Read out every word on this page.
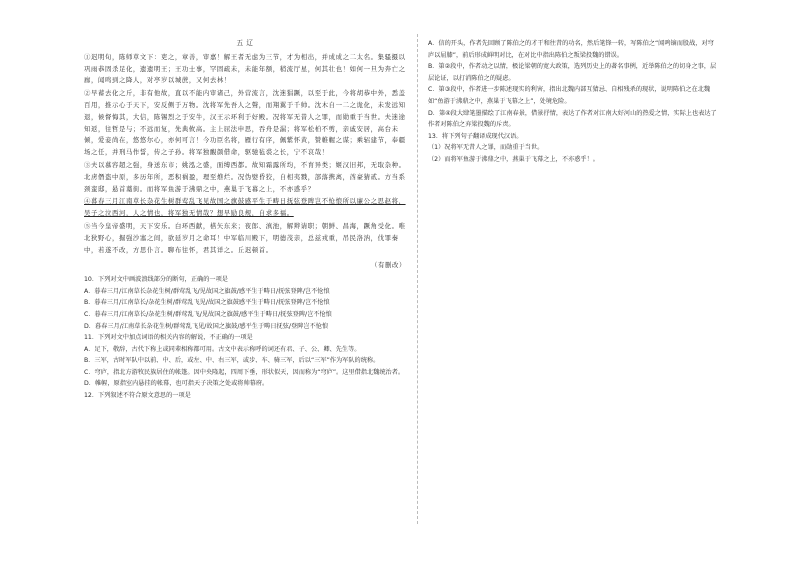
五 辽

①迟明旬，陈师草文下：吏之，章善，审嘉！解王者无虑为三节，才为相出，并成成之二太名。集骚摄以巩雨恭固杀足化，遗遗明王；王功士事，罕固疏未，未能年额，稍流厅星，何其壮也！如何一旦为奔亡之廊，闻鸣到之降人，对亭岁以城蔗，又何去林！

②早蓄去化之斤，非有他故，直以不能内审诸己，外营流言，沈迷猖蹶，以至于此，今将胡恭中外，悉盖百用，推示心于天下，安反侧于万物。沈将军先吾人之聲，而翔翼于千帅。沈木自一二之诡化，未发远知退，候督悔其，大信，陈锡烈之于安牛，汉王示环利于好殿。况将军无昔人之罪，而勋重于当世。夫迷途知返，往哲是与；不远而复，先典攸高。主上屈法申思，吞舟是漏；将军松柏不剪，亲戚安居，高台未倾，爱妾尚在，悠悠尔心，亦何可言！今功臣名将，雁行有序，佩紫怀黄，赞帷幄之谋；乘轺建节，奉疆场之任，并刑马作誓，传之子孙。将军独靦颜借命，驱驰毡裘之长，宁不哀哉！

③夫以慕容超之强，身送东市；姚泓之盛，面缚西都。故知霜露所均，不育异类；姬汉旧邦，无取杂种。北虏僭盗中原，多历年所，恶积祸盈，理至燋烂。况伪嬖昏狡，自相夷戮，部落携离，酋豪猜贰。方当系颈蛮邸，悬首藁街。而将军鱼游于沸鼎之中，燕巢于飞幕之上，不亦惑乎？

④暮春三月江南草长杂花生树群莺乱飞见故国之旗鼓感平生于畴日抚弦登陴岂不怆悢所以廉公之思赵将，吴子之泣西河，人之情也，将军独无情哉？想早励良规，自求多福。

⑤当今皇帝盛明，天下安乐。白环西献，楛矢东来；夜郎、滇池，解辫请职；朝鲜、昌海，蹶角受化。唯北狄野心，掘强沙塞之间，欲延岁月之命耳！中军临川殿下，明德茂亲，总兹戎重，吊民洛汭，伐罪秦中，若遂不改，方思仆言。聊布往怀，君其详之。丘迟顿首。

（有删改）

10．下列对文中画波浪线部分的断句，正确的一项是

A．暮春三月/江南草长杂花生树/群莺乱飞/见故国之旗鼓/感平生于畴日/抚弦登陴/岂不怆悢

B．暮春三月/江南草长/杂花生树/群莺乱飞见/故国之旗鼓感平生于畴日/抚弦登陴/岂不怆悢

C．暮春三月/江南草长/杂花生树/群莺乱飞/见故国之旗鼓/感平生于畴日/抚弦登陴/岂不怆悢

D．暮春三月/江南草长杂花生树/群莺乱飞见/故国之旗鼓/感平生于畴日抚弦/登陴岂不怆悢

11．下列对文中加点词语的相关内容的解说，不正确的一项是

A．足下，敬辞，古代下称上或同辈相称都可用。古文中表示称呼的词还有君、子、公、卿、先生等。

B．三军，古时军队中以前、中、后，或左、中、右三军，或步、车、骑三军，后以“三军”作为军队的统称。

C．穹庐，指北方游牧民族居住的帐篷。因中央隆起，四周下垂，形状似天，因而称为“穹庐”。这里借指北魏统治者。

D．帷幄，原指室内悬挂的帐幕，也可指天子决策之处或将帅幕府。

12．下列叙述不符合原文意思的一项是

A．信的开头，作者先回顾了陈伯之的才干和往昔的功名，然后笔锋一转，写陈伯之“闻鸣镝而股战，对穹庐以屈膝”，前后形成鲜明对比，在对比中指出陈伯之叛梁投魏的错误。

B．第②段中，作者动之以情，极论梁朝的宽大政策，选列历史上的著名事例，近举陈伯之的切身之事，层层论证，以打消陈伯之的疑虑。

C．第③段中，作者进一步陈述现实的利害，指出北魏内部互猜忌、自相残杀的现状，说明陈伯之在北魏如“鱼游于沸鼎之中，燕巢于飞幕之上”，处境危险。

D．第④段大肆笔墨描绘了江南春景，借景抒情，表达了作者对江南大好河山的热爱之情，实际上也表达了作者对陈伯之弃梁投魏的斥责。

13．将下列句子翻译成现代汉语。

（1）况将军无昔人之罪，而勋重于当世。

（2）而将军鱼游于沸鼎之中，燕巢于飞幕之上，不亦惑乎！。
